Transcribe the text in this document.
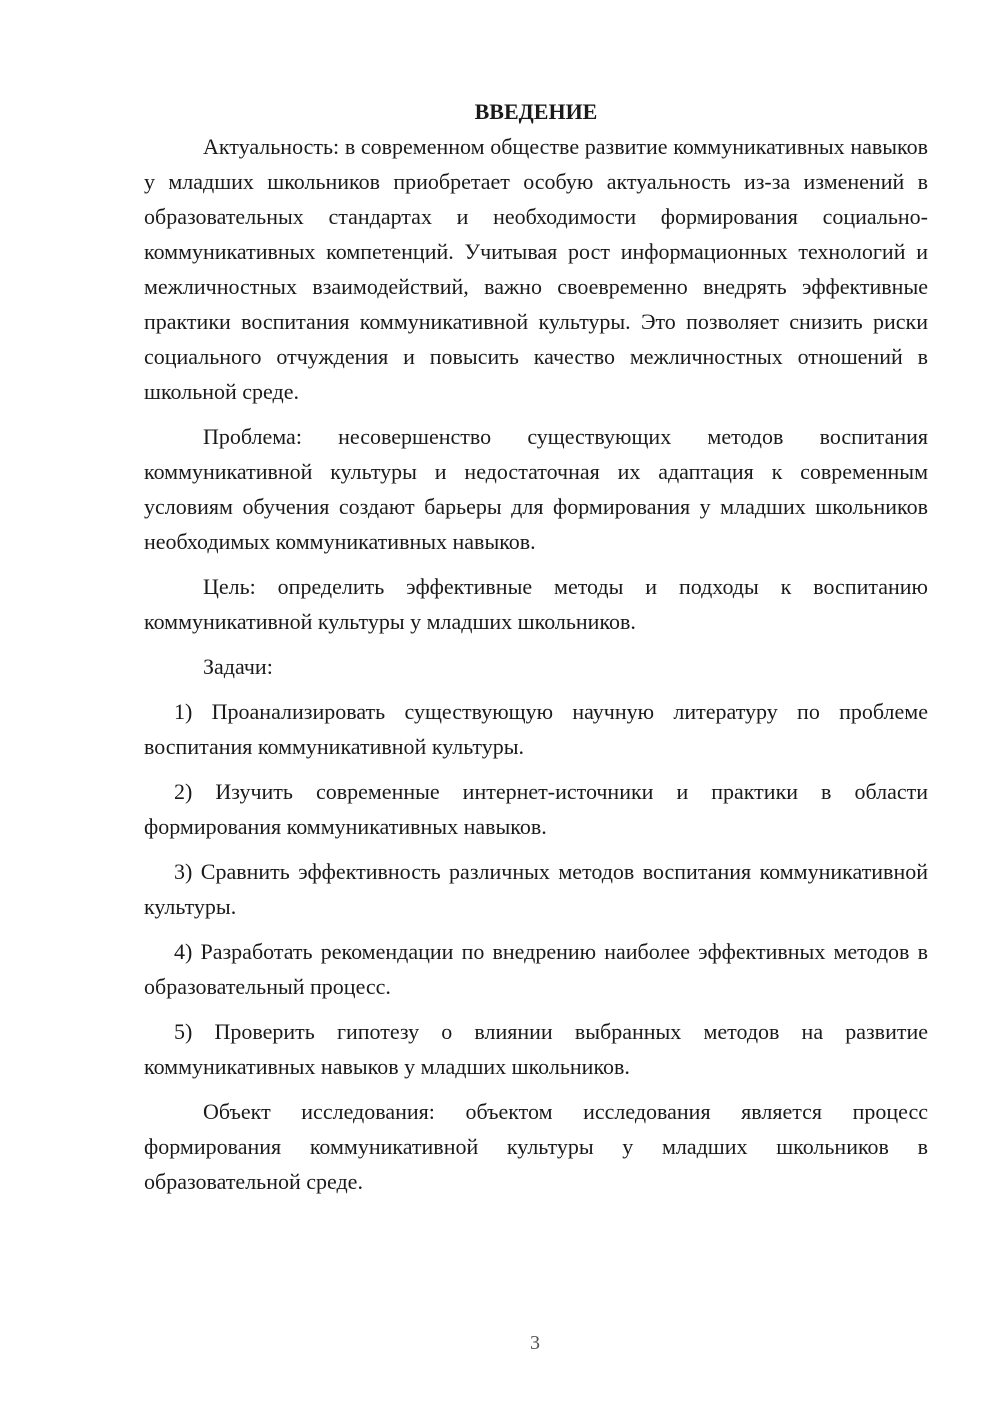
ВВЕДЕНИЕ

Актуальность: в современном обществе развитие коммуникативных навыков у младших школьников приобретает особую актуальность из-за изменений в образовательных стандартах и необходимости формирования социально-коммуникативных компетенций. Учитывая рост информационных технологий и межличностных взаимодействий, важно своевременно внедрять эффективные практики воспитания коммуникативной культуры. Это позволяет снизить риски социального отчуждения и повысить качество межличностных отношений в школьной среде.

Проблема: несовершенство существующих методов воспитания коммуникативной культуры и недостаточная их адаптация к современным условиям обучения создают барьеры для формирования у младших школьников необходимых коммуникативных навыков.

Цель: определить эффективные методы и подходы к воспитанию коммуникативной культуры у младших школьников.

Задачи:

1) Проанализировать существующую научную литературу по проблеме воспитания коммуникативной культуры.

2) Изучить современные интернет-источники и практики в области формирования коммуникативных навыков.

3) Сравнить эффективность различных методов воспитания коммуникативной культуры.

4) Разработать рекомендации по внедрению наиболее эффективных методов в образовательный процесс.

5) Проверить гипотезу о влиянии выбранных методов на развитие коммуникативных навыков у младших школьников.

Объект исследования: объектом исследования является процесс формирования коммуникативной культуры у младших школьников в образовательной среде.

3
